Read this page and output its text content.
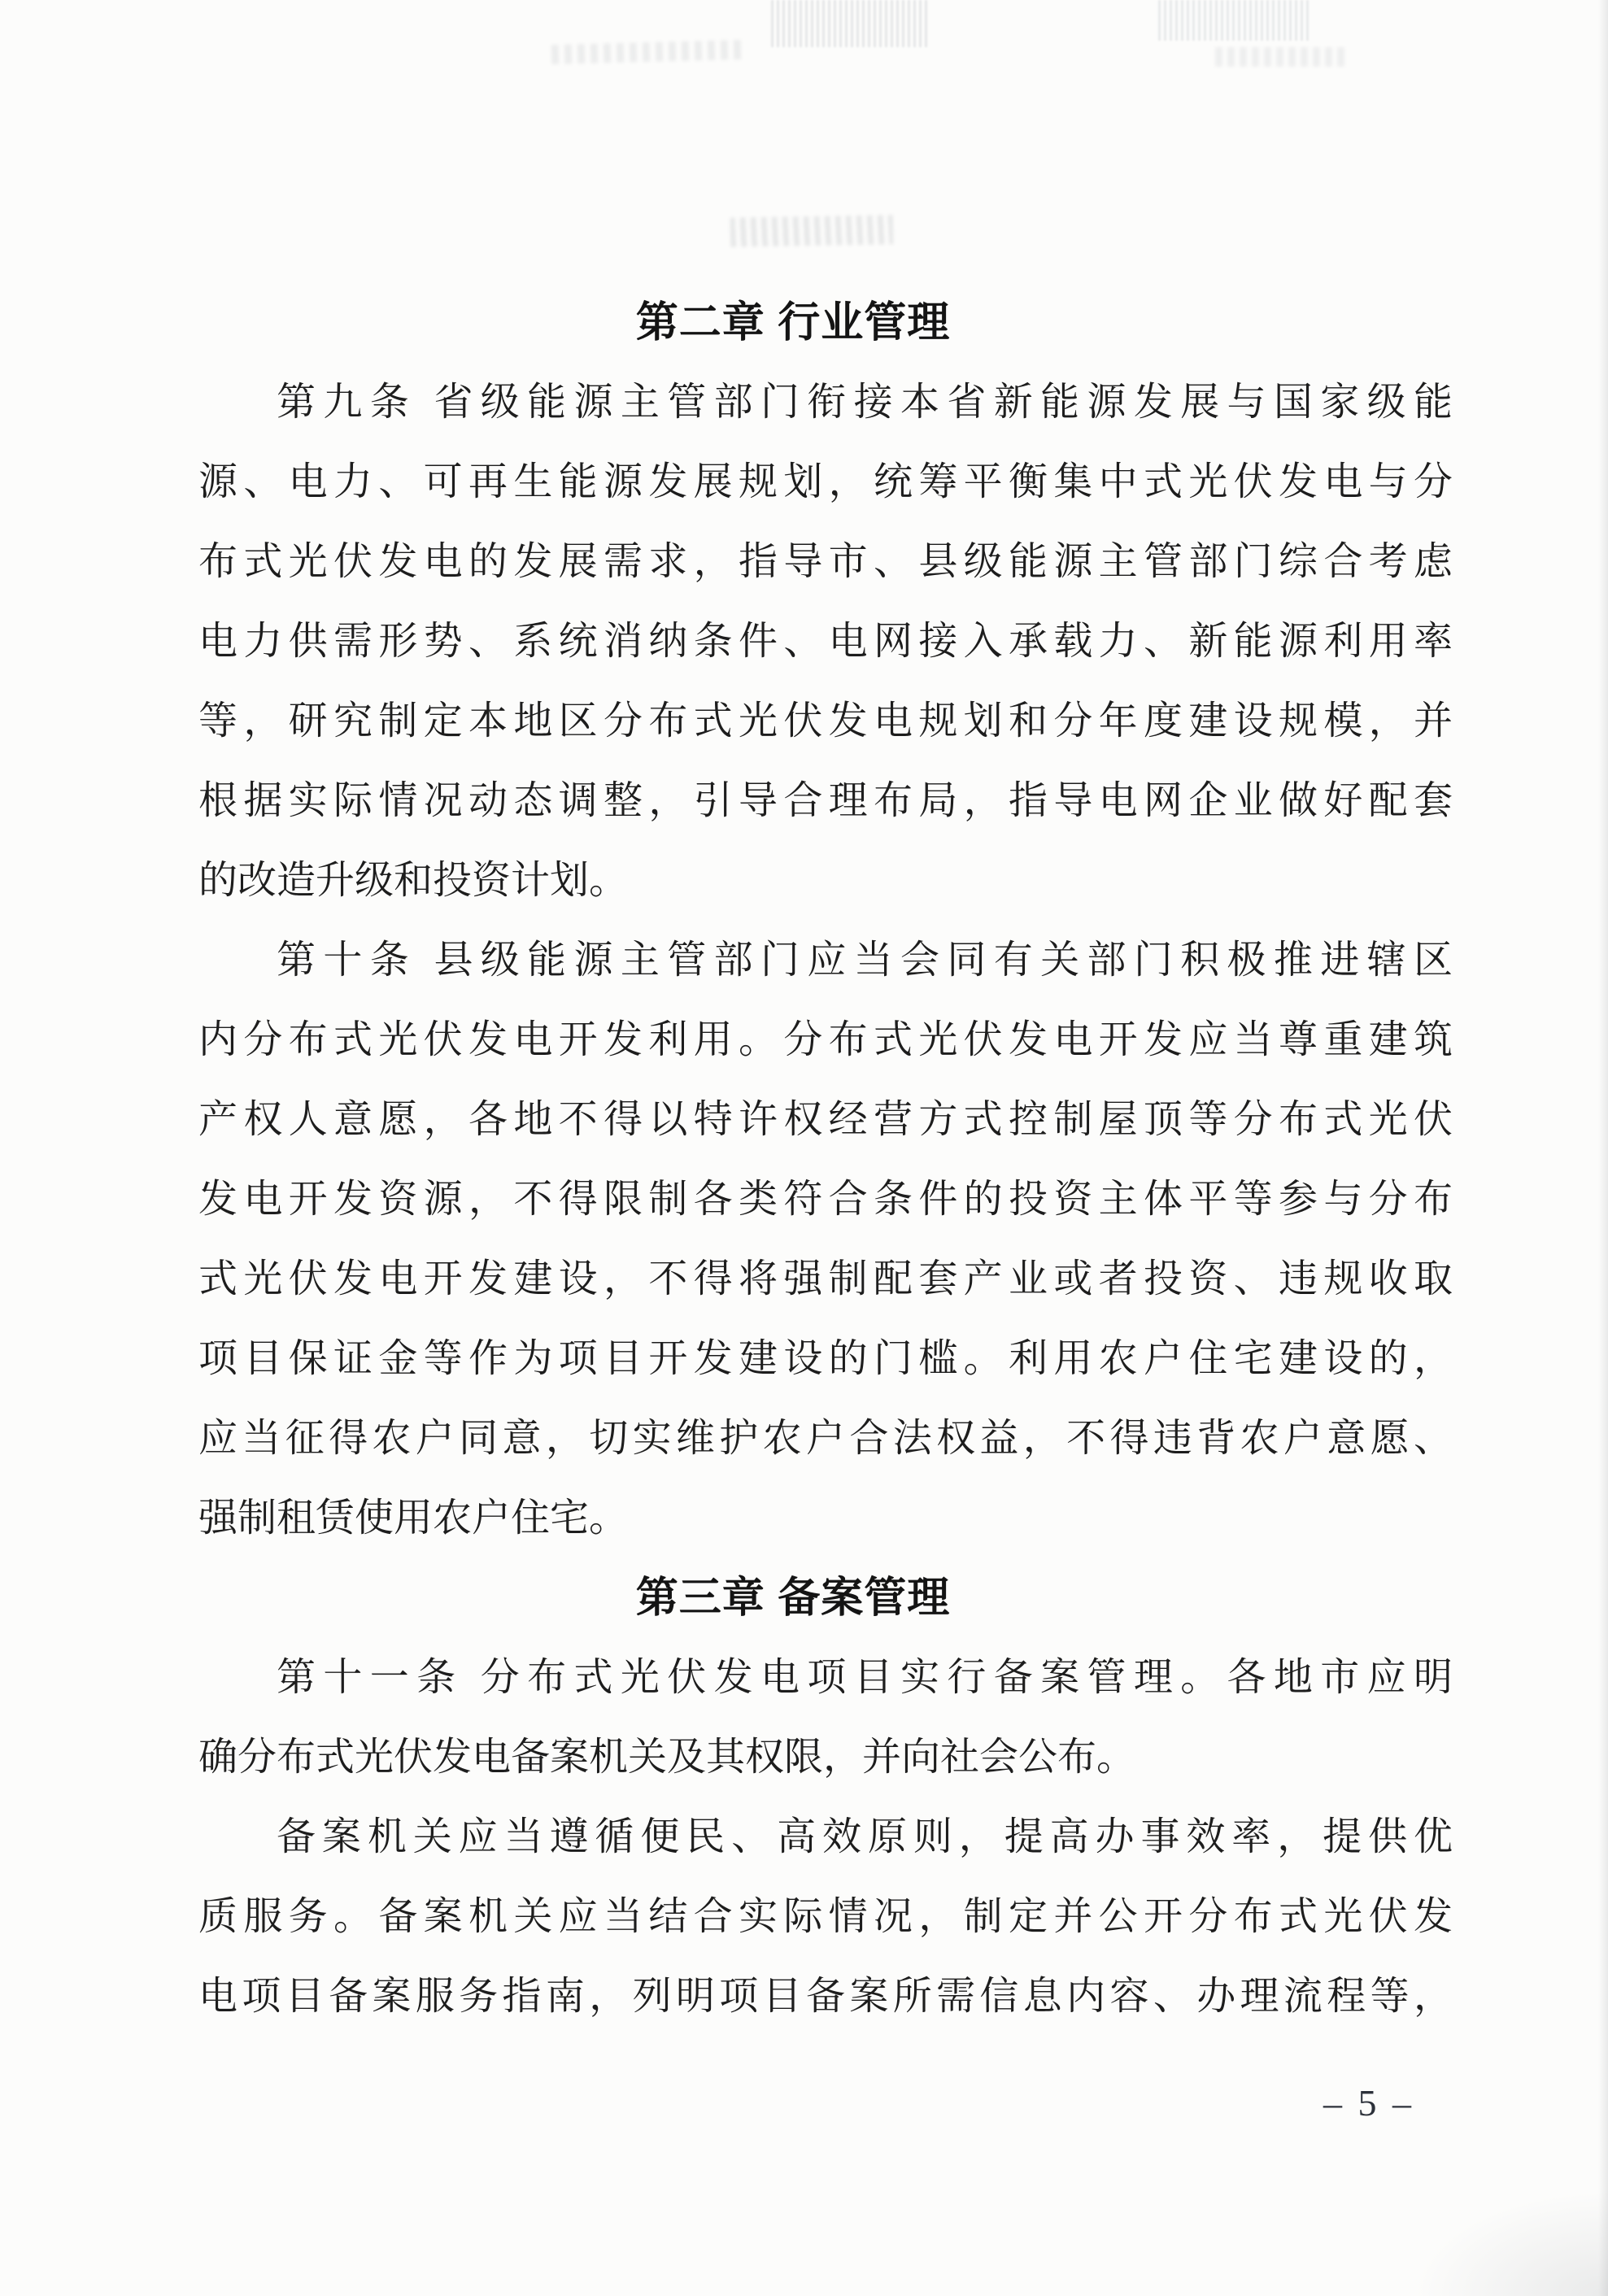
第二章 行业管理
第九条 省级能源主管部门衔接本省新能源发展与国家级能
源、电力、可再生能源发展规划，统筹平衡集中式光伏发电与分
布式光伏发电的发展需求，指导市、县级能源主管部门综合考虑
电力供需形势、系统消纳条件、电网接入承载力、新能源利用率
等，研究制定本地区分布式光伏发电规划和分年度建设规模，并
根据实际情况动态调整，引导合理布局，指导电网企业做好配套
的改造升级和投资计划。
第十条 县级能源主管部门应当会同有关部门积极推进辖区
内分布式光伏发电开发利用。分布式光伏发电开发应当尊重建筑
产权人意愿，各地不得以特许权经营方式控制屋顶等分布式光伏
发电开发资源，不得限制各类符合条件的投资主体平等参与分布
式光伏发电开发建设，不得将强制配套产业或者投资、违规收取
项目保证金等作为项目开发建设的门槛。利用农户住宅建设的，
应当征得农户同意，切实维护农户合法权益，不得违背农户意愿、
强制租赁使用农户住宅。
第三章 备案管理
第十一条 分布式光伏发电项目实行备案管理。各地市应明
确分布式光伏发电备案机关及其权限，并向社会公布。
备案机关应当遵循便民、高效原则，提高办事效率，提供优
质服务。备案机关应当结合实际情况，制定并公开分布式光伏发
电项目备案服务指南，列明项目备案所需信息内容、办理流程等，
– 5 –
